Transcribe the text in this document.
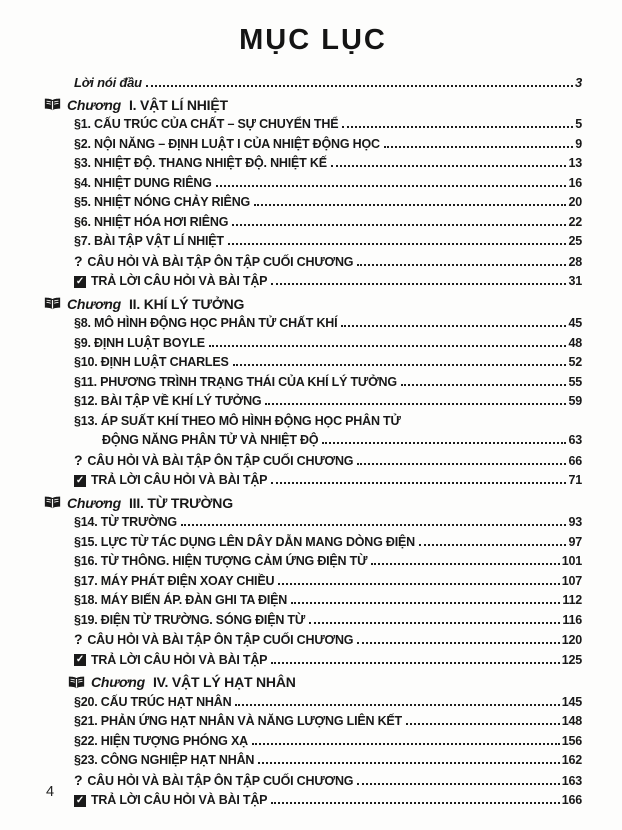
MỤC LỤC
Lời nói đầu	3
Chương I. VẬT LÍ NHIỆT
§1. CẤU TRÚC CỦA CHẤT – SỰ CHUYỂN THỂ	5
§2. NỘI NĂNG – ĐỊNH LUẬT I CỦA NHIỆT ĐỘNG HỌC	9
§3. NHIỆT ĐỘ. THANG NHIỆT ĐỘ. NHIỆT KẾ	13
§4. NHIỆT DUNG RIÊNG	16
§5. NHIỆT NÓNG CHẢY RIÊNG	20
§6. NHIỆT HÓA HƠI RIÊNG	22
§7. BÀI TẬP VẬT LÍ NHIỆT	25
? CÂU HỎI VÀ BÀI TẬP ÔN TẬP CUỐI CHƯƠNG	28
✓ TRẢ LỜI CÂU HỎI VÀ BÀI TẬP	31
Chương II. KHÍ LÝ TƯỞNG
§8. MÔ HÌNH ĐỘNG HỌC PHÂN TỬ CHẤT KHÍ	45
§9. ĐỊNH LUẬT BOYLE	48
§10. ĐỊNH LUẬT CHARLES	52
§11. PHƯƠNG TRÌNH TRẠNG THÁI CỦA KHÍ LÝ TƯỞNG	55
§12. BÀI TẬP VỀ KHÍ LÝ TƯỞNG	59
§13. ÁP SUẤT KHÍ THEO MÔ HÌNH ĐỘNG HỌC PHÂN TỬ
ĐỘNG NĂNG PHÂN TỬ VÀ NHIỆT ĐỘ	63
? CÂU HỎI VÀ BÀI TẬP ÔN TẬP CUỐI CHƯƠNG	66
✓ TRẢ LỜI CÂU HỎI VÀ BÀI TẬP	71
Chương III. TỪ TRƯỜNG
§14. TỪ TRƯỜNG	93
§15. LỰC TỪ TÁC DỤNG LÊN DÂY DẪN MANG DÒNG ĐIỆN	97
§16. TỪ THÔNG. HIỆN TƯỢNG CẢM ỨNG ĐIỆN TỪ	101
§17. MÁY PHÁT ĐIỆN XOAY CHIỀU	107
§18. MÁY BIẾN ÁP. ĐÀN GHI TA ĐIỆN	112
§19. ĐIỆN TỪ TRƯỜNG. SÓNG ĐIỆN TỪ	116
? CÂU HỎI VÀ BÀI TẬP ÔN TẬP CUỐI CHƯƠNG	120
✓ TRẢ LỜI CÂU HỎI VÀ BÀI TẬP	125
Chương IV. VẬT LÝ HẠT NHÂN
§20. CẤU TRÚC HẠT NHÂN	145
§21. PHẢN ỨNG HẠT NHÂN VÀ NĂNG LƯỢNG LIÊN KẾT	148
§22. HIỆN TƯỢNG PHÓNG XẠ	156
§23. CÔNG NGHIỆP HẠT NHÂN	162
? CÂU HỎI VÀ BÀI TẬP ÔN TẬP CUỐI CHƯƠNG	163
✓ TRẢ LỜI CÂU HỎI VÀ BÀI TẬP	166
4
